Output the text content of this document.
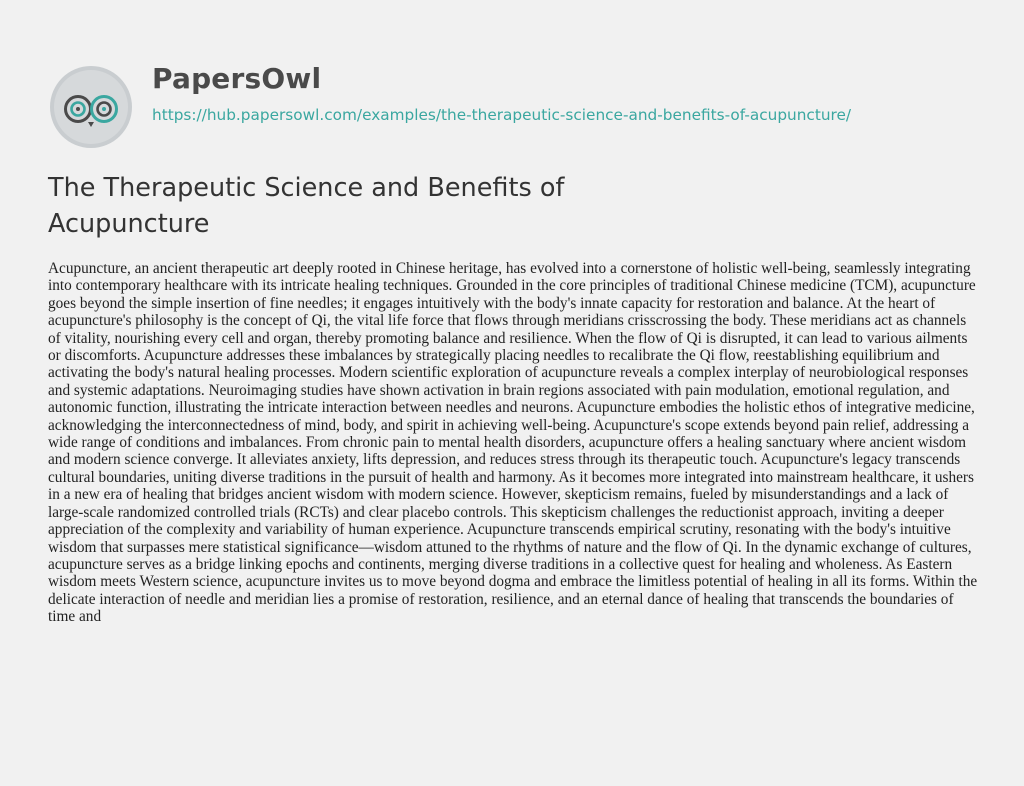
PapersOwl
https://hub.papersowl.com/examples/the-therapeutic-science-and-benefits-of-acupuncture/
The Therapeutic Science and Benefits of Acupuncture

Acupuncture, an ancient therapeutic art deeply rooted in Chinese heritage, has evolved into a cornerstone of holistic well-being, seamlessly integrating into contemporary healthcare with its intricate healing techniques. Grounded in the core principles of traditional Chinese medicine (TCM), acupuncture goes beyond the simple insertion of fine needles; it engages intuitively with the body's innate capacity for restoration and balance. At the heart of acupuncture's philosophy is the concept of Qi, the vital life force that flows through meridians crisscrossing the body. These meridians act as channels of vitality, nourishing every cell and organ, thereby promoting balance and resilience. When the flow of Qi is disrupted, it can lead to various ailments or discomforts. Acupuncture addresses these imbalances by strategically placing needles to recalibrate the Qi flow, reestablishing equilibrium and activating the body's natural healing processes. Modern scientific exploration of acupuncture reveals a complex interplay of neurobiological responses and systemic adaptations. Neuroimaging studies have shown activation in brain regions associated with pain modulation, emotional regulation, and autonomic function, illustrating the intricate interaction between needles and neurons. Acupuncture embodies the holistic ethos of integrative medicine, acknowledging the interconnectedness of mind, body, and spirit in achieving well-being. Acupuncture's scope extends beyond pain relief, addressing a wide range of conditions and imbalances. From chronic pain to mental health disorders, acupuncture offers a healing sanctuary where ancient wisdom and modern science converge. It alleviates anxiety, lifts depression, and reduces stress through its therapeutic touch. Acupuncture's legacy transcends cultural boundaries, uniting diverse traditions in the pursuit of health and harmony. As it becomes more integrated into mainstream healthcare, it ushers in a new era of healing that bridges ancient wisdom with modern science. However, skepticism remains, fueled by misunderstandings and a lack of large-scale randomized controlled trials (RCTs) and clear placebo controls. This skepticism challenges the reductionist approach, inviting a deeper appreciation of the complexity and variability of human experience. Acupuncture transcends empirical scrutiny, resonating with the body's intuitive wisdom that surpasses mere statistical significance—wisdom attuned to the rhythms of nature and the flow of Qi. In the dynamic exchange of cultures, acupuncture serves as a bridge linking epochs and continents, merging diverse traditions in a collective quest for healing and wholeness. As Eastern wisdom meets Western science, acupuncture invites us to move beyond dogma and embrace the limitless potential of healing in all its forms. Within the delicate interaction of needle and meridian lies a promise of restoration, resilience, and an eternal dance of healing that transcends the boundaries of time and
